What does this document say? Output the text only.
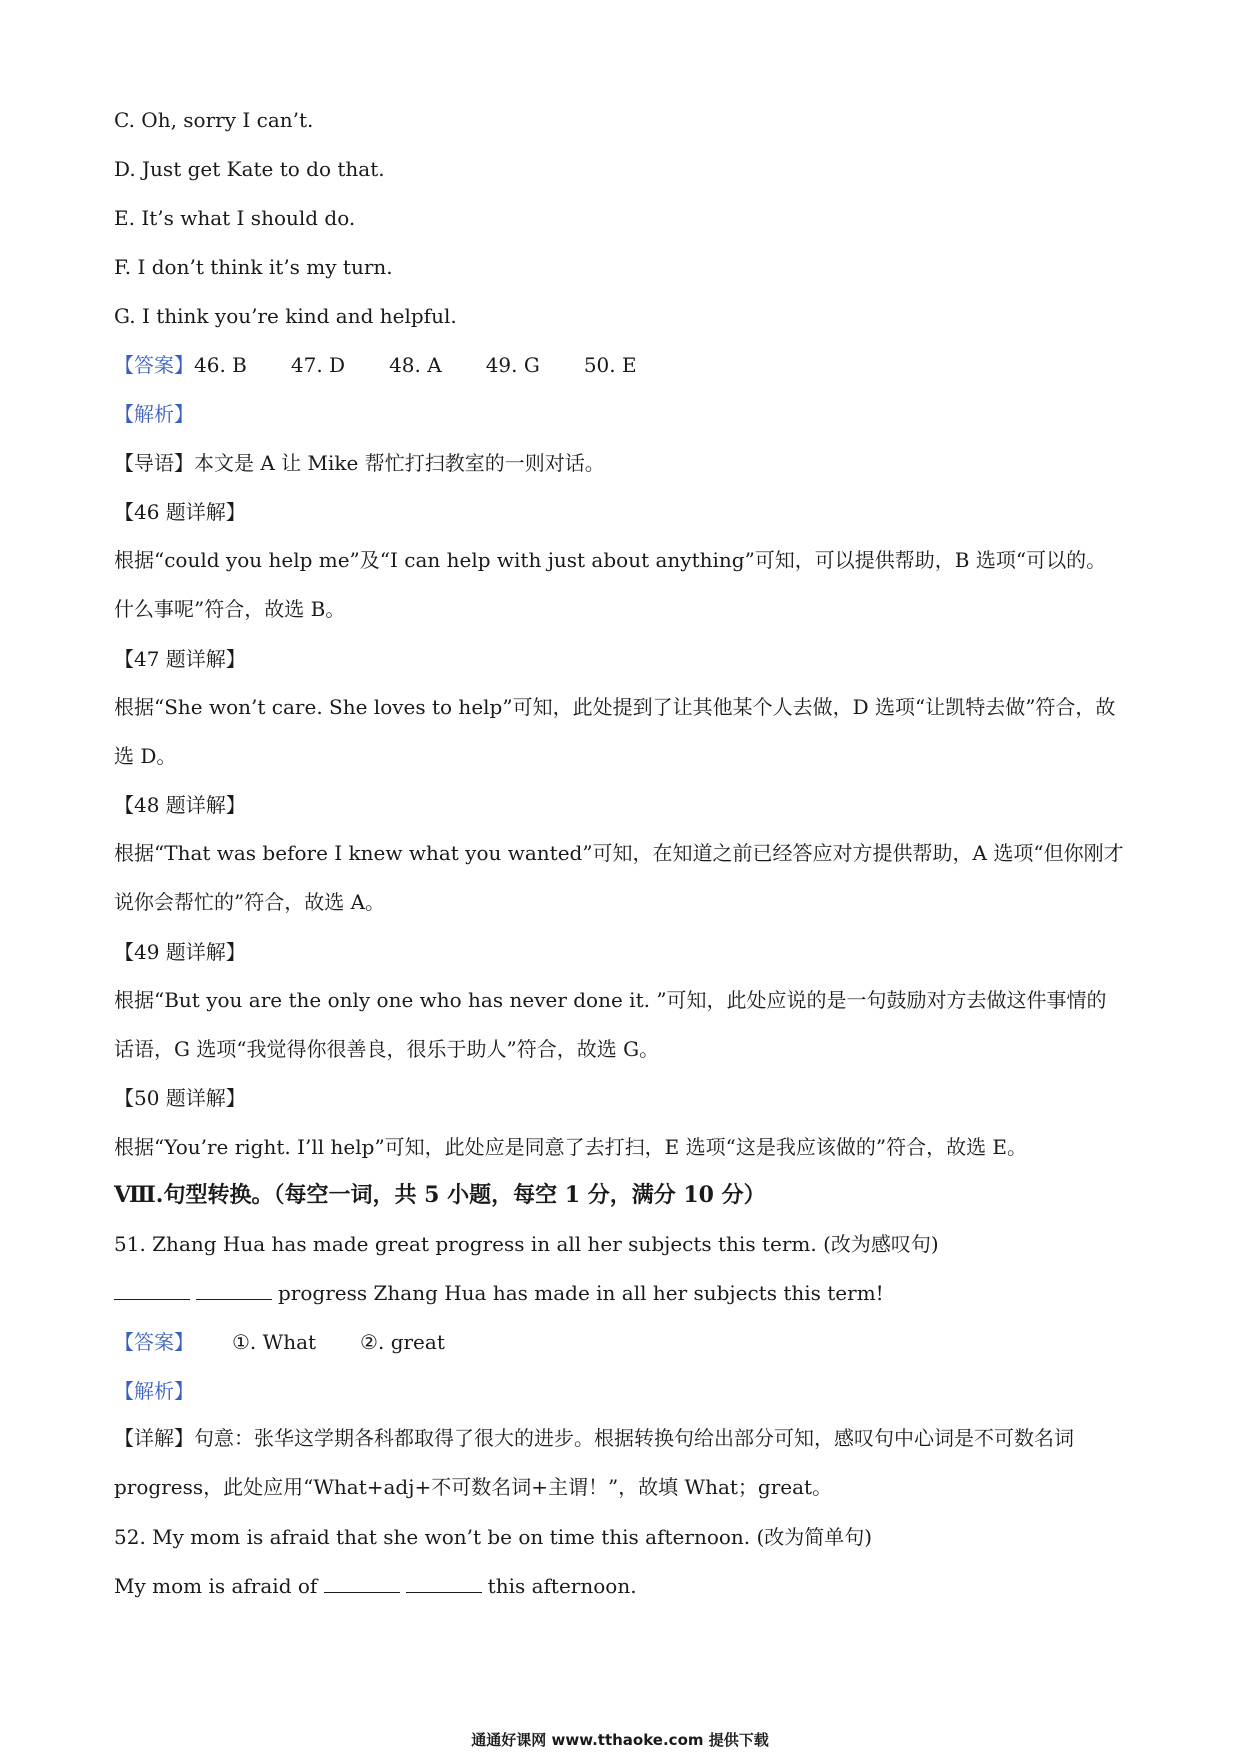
C. Oh, sorry I can’t.
D. Just get Kate to do that.
E. It’s what I should do.
F. I don’t think it’s my turn.
G. I think you’re kind and helpful.
【答案】46. B 47. D 48. A 49. G 50. E
【解析】
【导语】本文是 A 让 Mike 帮忙打扫教室的一则对话。
【46 题详解】
根据“could you help me”及“I can help with just about anything”可知，可以提供帮助，B 选项“可以的。什么事呢”符合，故选 B。
【47 题详解】
根据“She won’t care. She loves to help”可知，此处提到了让其他某个人去做，D 选项“让凯特去做”符合，故选 D。
【48 题详解】
根据“That was before I knew what you wanted”可知，在知道之前已经答应对方提供帮助，A 选项“但你刚才说你会帮忙的”符合，故选 A。
【49 题详解】
根据“But you are the only one who has never done it. ”可知，此处应说的是一句鼓励对方去做这件事情的话语，G 选项“我觉得你很善良，很乐于助人”符合，故选 G。
【50 题详解】
根据“You’re right. I’ll help”可知，此处应是同意了去打扫，E 选项“这是我应该做的”符合，故选 E。
Ⅷ.句型转换。（每空一词，共 5 小题，每空 1 分，满分 10 分）
51. Zhang Hua has made great progress in all her subjects this term. (改为感叹句)
progress Zhang Hua has made in all her subjects this term!
【答案】 ①. What ②. great
【解析】
【详解】句意：张华这学期各科都取得了很大的进步。根据转换句给出部分可知，感叹句中心词是不可数名词 progress，此处应用“What+adj+不可数名词+主谓！”，故填 What；great。
52. My mom is afraid that she won’t be on time this afternoon. (改为简单句)
My mom is afraid of	this afternoon.
通通好课网 www.tthaoke.com 提供下载
